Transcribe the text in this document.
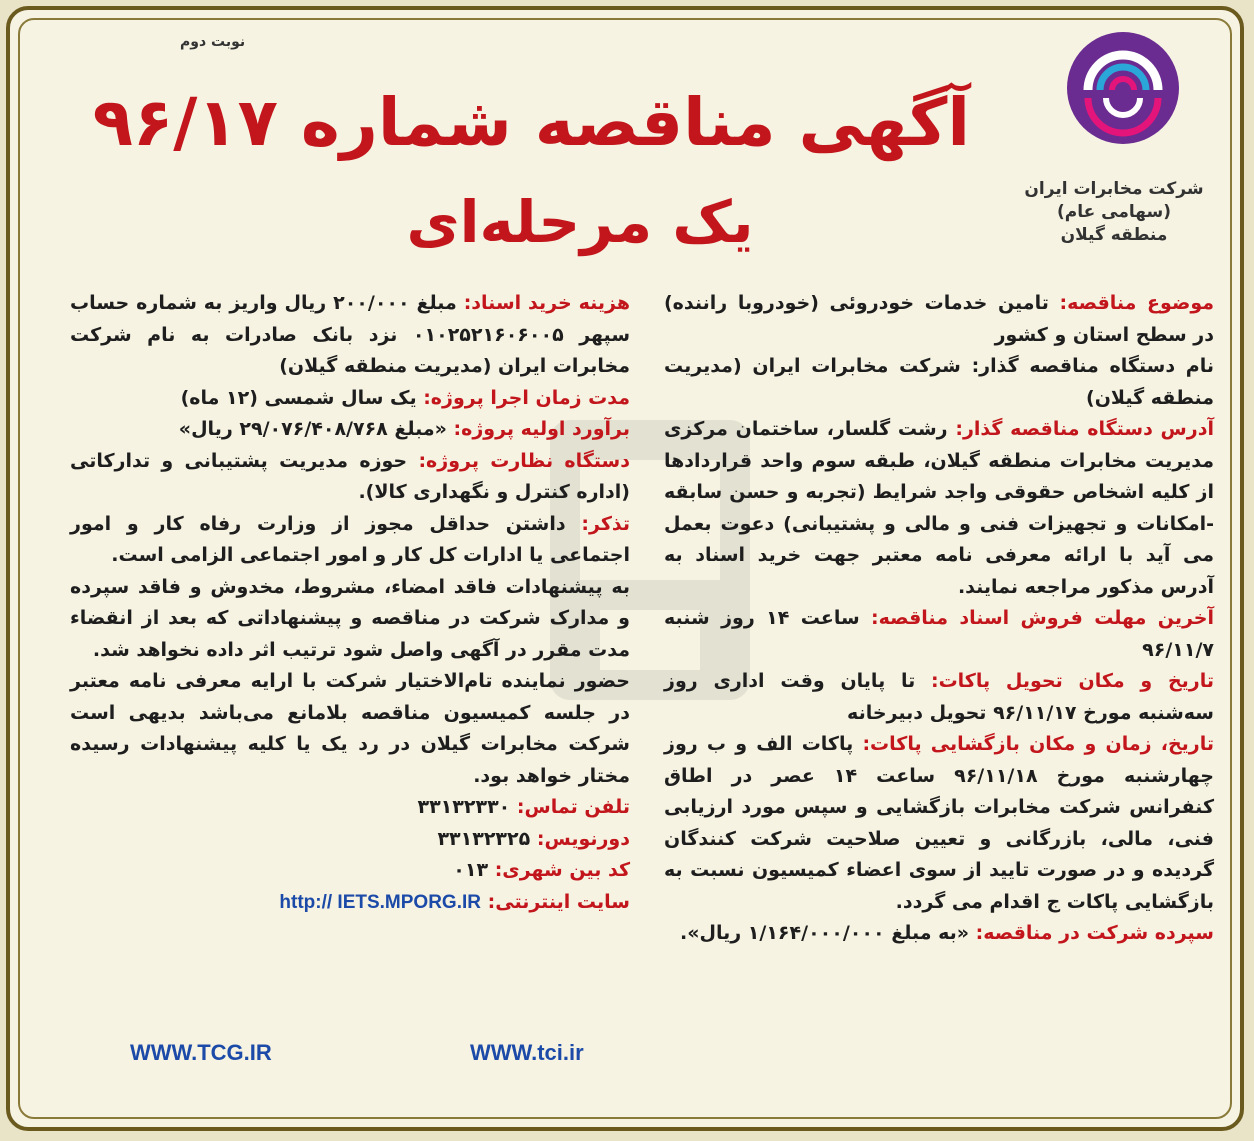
شرکت مخابرات ایران
(سهامی عام)
منطقه گیلان
نوبت دوم
آگهی مناقصه شماره ۹۶/۱۷
یک مرحله‌ای

موضوع مناقصه: تامین خدمات خودروئی (خودروبا راننده) در سطح استان و کشور

نام دستگاه مناقصه گذار: شرکت مخابرات ایران (مدیریت منطقه گیلان)

آدرس دستگاه مناقصه گذار: رشت گلسار، ساختمان مرکزی مدیریت مخابرات منطقه گیلان، طبقه سوم واحد قراردادها از کلیه اشخاص حقوقی واجد شرایط (تجربه و حسن سابقه -امکانات و تجهیزات فنی و مالی و پشتیبانی) دعوت بعمل می آید با ارائه معرفی نامه معتبر جهت خرید اسناد به آدرس مذکور مراجعه نمایند.

آخرین مهلت فروش اسناد مناقصه: ساعت ۱۴ روز شنبه ۹۶/۱۱/۷

تاریخ و مکان تحویل پاکات: تا پایان وقت اداری روز سه‌شنبه مورخ ۹۶/۱۱/۱۷ تحویل دبیرخانه

تاریخ، زمان و مکان بازگشایی پاکات: پاکات الف و ب روز چهارشنبه مورخ ۹۶/۱۱/۱۸ ساعت ۱۴ عصر در اطاق کنفرانس شرکت مخابرات بازگشایی و سپس مورد ارزیابی فنی، مالی، بازرگانی و تعیین صلاحیت شرکت کنندگان گردیده و در صورت تایید از سوی اعضاء کمیسیون نسبت به بازگشایی پاکات ج اقدام می گردد.

سپرده شرکت در مناقصه: «به مبلغ ۱/۱۶۴/۰۰۰/۰۰۰ ریال».

هزینه خرید اسناد: مبلغ ۲۰۰/۰۰۰ ریال واریز به شماره حساب سپهر ۰۱۰۲۵۲۱۶۰۶۰۰۵ نزد بانک صادرات به نام شرکت مخابرات ایران (مدیریت منطقه گیلان)

مدت زمان اجرا پروژه: یک سال شمسی (۱۲ ماه)

برآورد اولیه پروژه: «مبلغ ۲۹/۰۷۶/۴۰۸/۷۶۸ ریال»

دستگاه نظارت پروژه: حوزه مدیریت پشتیبانی و تدارکاتی (اداره کنترل و نگهداری کالا).

تذکر: داشتن حداقل مجوز از وزارت رفاه کار و امور اجتماعی یا ادارات کل کار و امور اجتماعی الزامی است.

به پیشنهادات فاقد امضاء، مشروط، مخدوش و فاقد سپرده و مدارک شرکت در مناقصه و پیشنهاداتی که بعد از انقضاء مدت مقرر در آگهی واصل شود ترتیب اثر داده نخواهد شد.

حضور نماینده تام‌الاختیار شرکت با ارایه معرفی نامه معتبر در جلسه کمیسیون مناقصه بلامانع می‌باشد بدیهی است شرکت مخابرات گیلان در رد یک یا کلیه پیشنهادات رسیده مختار خواهد بود.

تلفن تماس: ۳۳۱۳۲۳۳۰

دورنویس: ۳۳۱۳۲۳۲۵

کد بین شهری: ۰۱۳

سایت اینترنتی: http:// IETS.MPORG.IR

WWW.tci.ir
WWW.TCG.IR
